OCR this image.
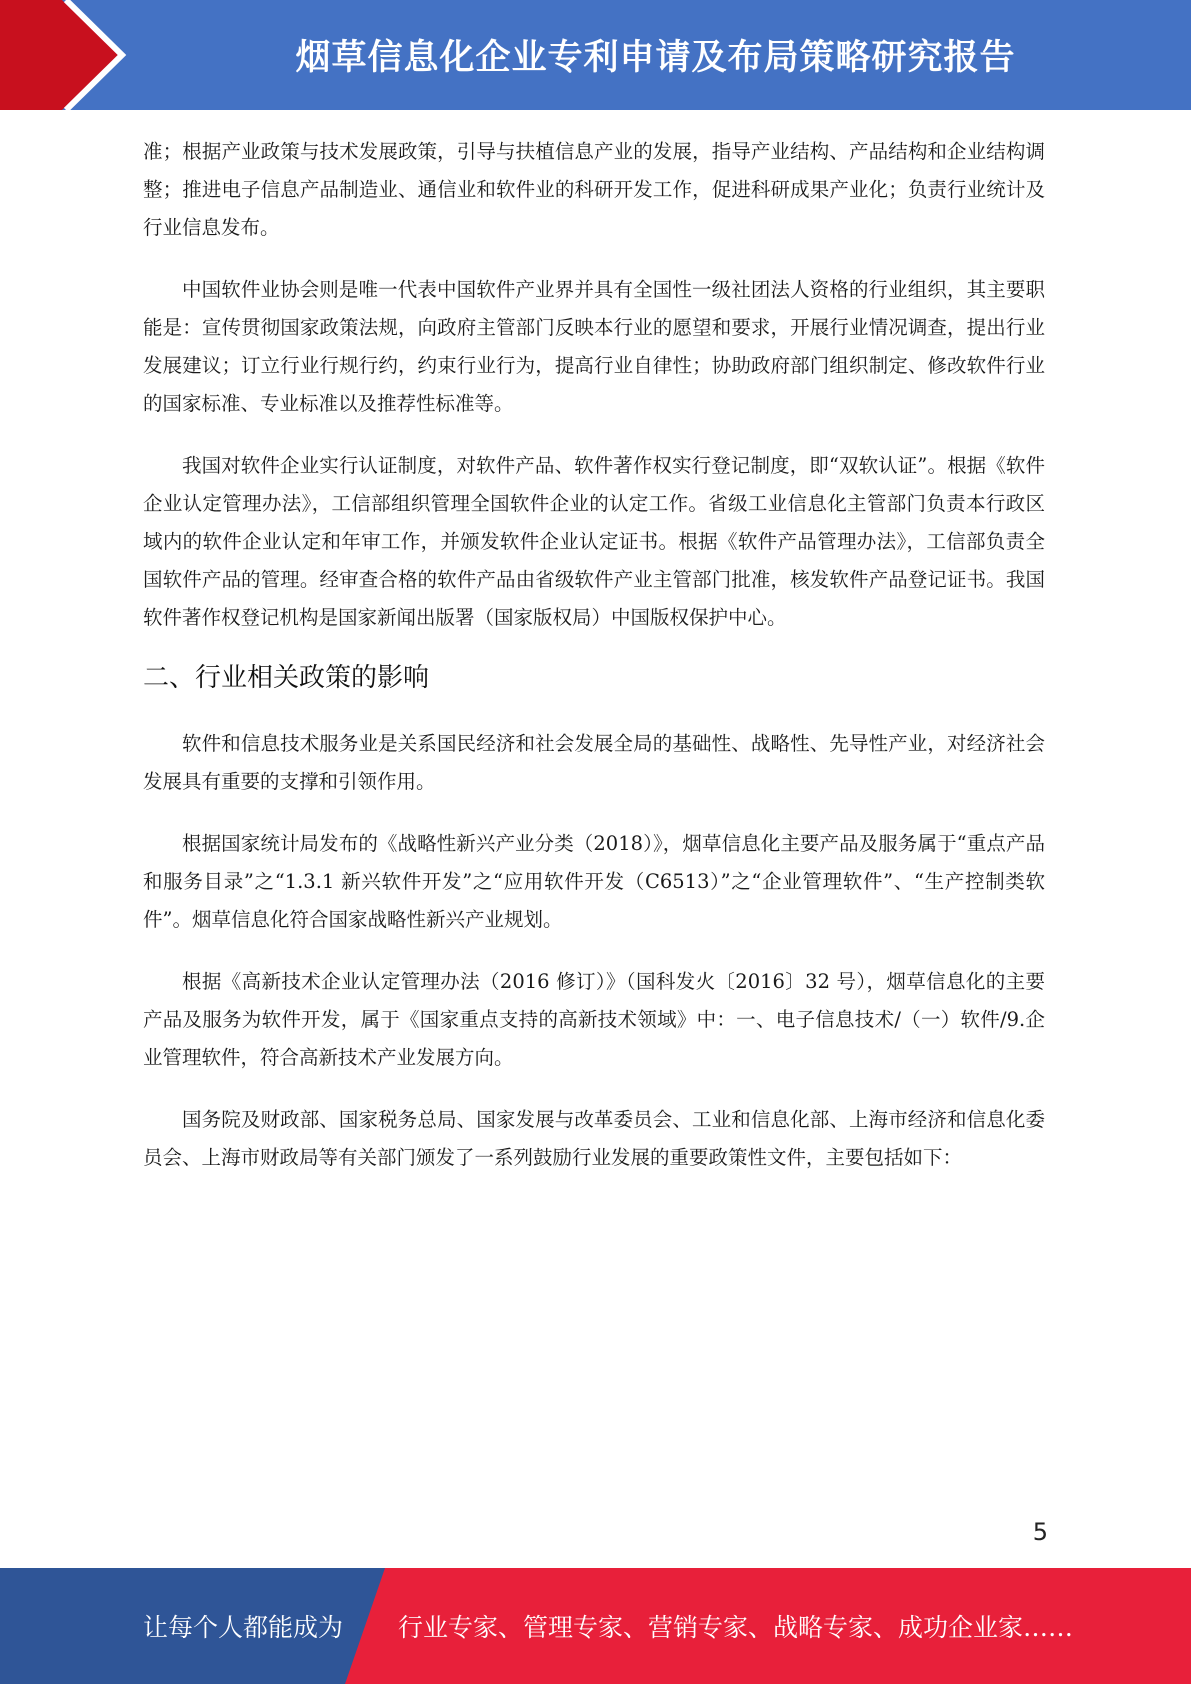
烟草信息化企业专利申请及布局策略研究报告

准；根据产业政策与技术发展政策，引导与扶植信息产业的发展，指导产业结构、产品结构和企业结构调整；推进电子信息产品制造业、通信业和软件业的科研开发工作，促进科研成果产业化；负责行业统计及行业信息发布。

中国软件业协会则是唯一代表中国软件产业界并具有全国性一级社团法人资格的行业组织，其主要职能是：宣传贯彻国家政策法规，向政府主管部门反映本行业的愿望和要求，开展行业情况调查，提出行业发展建议；订立行业行规行约，约束行业行为，提高行业自律性；协助政府部门组织制定、修改软件行业的国家标准、专业标准以及推荐性标准等。

我国对软件企业实行认证制度，对软件产品、软件著作权实行登记制度，即“双软认证”。根据《软件企业认定管理办法》，工信部组织管理全国软件企业的认定工作。省级工业信息化主管部门负责本行政区域内的软件企业认定和年审工作，并颁发软件企业认定证书。根据《软件产品管理办法》，工信部负责全国软件产品的管理。经审查合格的软件产品由省级软件产业主管部门批准，核发软件产品登记证书。我国软件著作权登记机构是国家新闻出版署（国家版权局）中国版权保护中心。

二、行业相关政策的影响

软件和信息技术服务业是关系国民经济和社会发展全局的基础性、战略性、先导性产业，对经济社会发展具有重要的支撑和引领作用。

根据国家统计局发布的《战略性新兴产业分类（2018）》，烟草信息化主要产品及服务属于“重点产品和服务目录”之“1.3.1 新兴软件开发”之“应用软件开发（C6513）”之“企业管理软件”、“生产控制类软件”。烟草信息化符合国家战略性新兴产业规划。

根据《高新技术企业认定管理办法（2016 修订）》（国科发火〔2016〕32 号），烟草信息化的主要产品及服务为软件开发，属于《国家重点支持的高新技术领域》中：一、电子信息技术/（一）软件/9.企业管理软件，符合高新技术产业发展方向。

国务院及财政部、国家税务总局、国家发展与改革委员会、工业和信息化部、上海市经济和信息化委员会、上海市财政局等有关部门颁发了一系列鼓励行业发展的重要政策性文件，主要包括如下：

5
让每个人都能成为 行业专家、管理专家、营销专家、战略专家、成功企业家……
